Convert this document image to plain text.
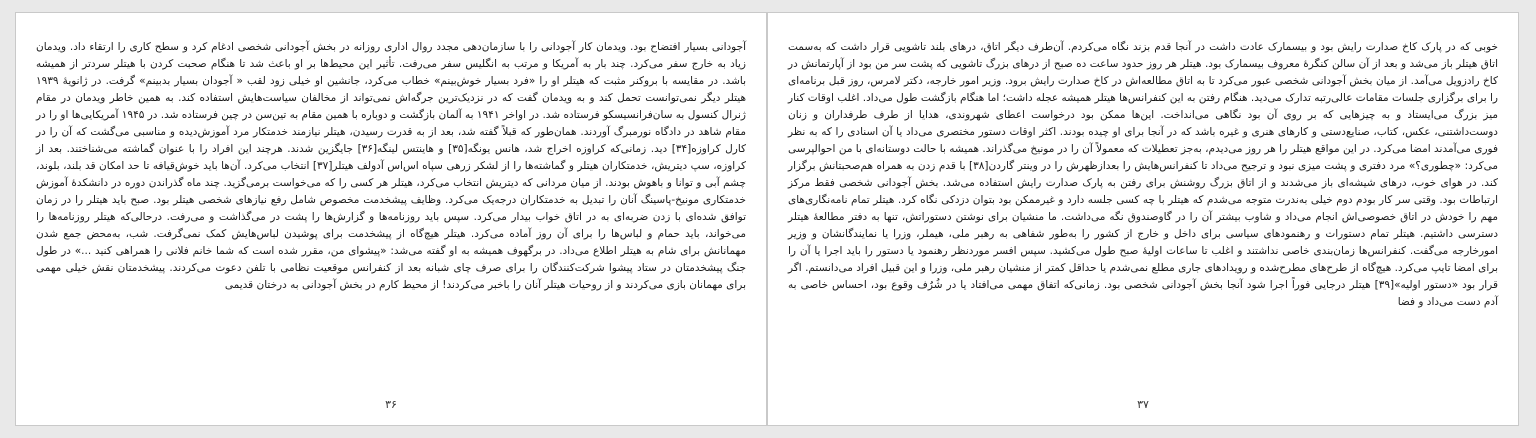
آجودانی بسیار افتضاح بود. ویدمان کار آجودانی را با سازمان‌دهی مجدد روال اداری روزانه در بخش آجودانی شخصی ادغام کرد و سطح کاری را ارتقاء داد. ویدمان زیاد به خارج سفر می‌کرد. چند بار به آمریکا و مرتب به انگلیس سفر می‌رفت. تأثیر این محیط‌ها بر او باعث شد تا هنگام صحبت کردن با هیتلر سردتر از همیشه باشد. در مقایسه با بروکنر مثبت که هیتلر او را «فرد بسیار خوش‌بینم» خطاب می‌کرد، جانشین او خیلی زود لقب « آجودان بسیار بدبینم» گرفت. در ژانویهٔ ۱۹۳۹ هیتلر دیگر نمی‌توانست تحمل کند و به ویدمان گفت که در نزدیک‌ترین جرگه‌اش نمی‌تواند از مخالفان سیاست‌هایش استفاده کند. به همین خاطر ویدمان در مقام ژنرال کنسول به سان‌فرانسیسکو فرستاده شد. در اواخر ۱۹۴۱ به آلمان بازگشت و دوباره با همین مقام به تین‌سن در چین فرستاده شد. در ۱۹۴۵ آمریکایی‌ها او را در مقام شاهد در دادگاه نورمبرگ آوردند. همان‌طور که قبلاً گفته شد، بعد از به قدرت رسیدن، هیتلر نیازمند خدمتکار مرد آموزش‌دیده و مناسبی می‌گشت که آن را در کارل کراوزه[۳۴] دید. زمانی‌که کراوزه اخراج شد، هانس یونگه[۳۵] و هاینتس لینگه[۳۶] جایگزین شدند. هرچند این افراد را با عنوان گماشته می‌شناختند. بعد از کراوزه، سپ دیتریش، خدمتکاران هیتلر و گماشته‌ها را از لشکر زرهی سپاه اس‌اس آدولف هیتلر[۳۷] انتخاب می‌کرد. آن‌ها باید خوش‌قیافه تا حد امکان قد بلند، بلوند، چشم آبی و توانا و باهوش بودند. از میان مردانی که دیتریش انتخاب می‌کرد، هیتلر هر کسی را که می‌خواست برمی‌گزید. چند ماه گذراندن دوره در دانشکدهٔ آموزش خدمتکاری مونیخ-پاسینگ آنان را تبدیل به خدمتکاران درجه‌یک می‌کرد. وظایف پیشخدمت مخصوص شامل رفع نیازهای شخصی هیتلر بود. صبح باید هیتلر را در زمان توافق شده‌ای با زدن ضربه‌ای به در اتاق خواب بیدار می‌کرد. سپس باید روزنامه‌ها و گزارش‌ها را پشت در می‌گذاشت و می‌رفت. درحالی‌که هیتلر روزنامه‌ها را می‌خواند، باید حمام و لباس‌ها را برای آن روز آماده می‌کرد. هیتلر هیچ‌گاه از پیشخدمت برای پوشیدن لباس‌هایش کمک نمی‌گرفت. شب، به‌محض جمع شدن مهمانانش برای شام به هیتلر اطلاع می‌داد. در برگهوف همیشه به او گفته می‌شد: «پیشوای من، مقرر شده است که شما خانم فلانی را همراهی کنید ...» در طول جنگ پیشخدمتان در ستاد پیشوا شرکت‌کنندگان را برای صرف چای شبانه بعد از کنفرانس موقعیت نظامی با تلفن دعوت می‌کردند. پیشخدمتان نقش خیلی مهمی برای مهمانان بازی می‌کردند و از روحیات هیتلر آنان را باخبر می‌کردند! از محیط کارم در بخش آجودانی به درختان قدیمی

۳۶

خوبی که در پارک کاخ صدارت رایش بود و بیسمارک عادت داشت در آنجا قدم بزند نگاه می‌کردم. آن‌طرف دیگر اتاق، درهای بلند تاشویی قرار داشت که به‌سمت اتاق هیتلر باز می‌شد و بعد از آن سالن کنگرهٔ معروف بیسمارک بود. هیتلر هر روز حدود ساعت ده صبح از درهای بزرگ تاشویی که پشت سر من بود از آپارتمانش در کاخ رادزویل می‌آمد. از میان بخش آجودانی شخصی عبور می‌کرد تا به اتاق مطالعه‌اش در کاخ صدارت رایش برود. وزیر امور خارجه، دکتر لامرس، روز قبل برنامه‌ای را برای برگزاری جلسات مقامات عالی‌رتبه تدارک می‌دید. هنگام رفتن به این کنفرانس‌ها هیتلر همیشه عجله داشت؛ اما هنگام بازگشت طول می‌داد. اغلب اوقات کنار میز بزرگ می‌ایستاد و به چیزهایی که بر روی آن بود نگاهی می‌انداخت. این‌ها ممکن بود درخواست اعطای شهروندی، هدایا از طرف طرفداران و زنان دوست‌داشتنی، عکس، کتاب، صنایع‌دستی و کارهای هنری و غیره باشد که در آنجا برای او چیده بودند. اکثر اوقات دستور مختصری می‌داد یا آن اسنادی را که به نظر فوری می‌آمدند امضا می‌کرد. در این مواقع هیتلر را هر روز می‌دیدم، به‌جز تعطیلات که معمولاً آن را در مونیخ می‌گذراند. همیشه با حالت دوستانه‌ای با من احوالپرسی می‌کرد: «چطوری؟» مرد دفتری و پشت میزی نبود و ترجیح می‌داد تا کنفرانس‌هایش را بعدازظهرش را در وینتر گاردن[۳۸] با قدم زدن به همراه هم‌صحبتانش برگزار کند. در هوای خوب، درهای شیشه‌ای باز می‌شدند و از اتاق بزرگ روشنش برای رفتن به پارک صدارت رایش استفاده می‌شد. بخش آجودانی شخصی فقط مرکز ارتباطات بود. وقتی سر کار بودم دوم خیلی به‌ندرت متوجه می‌شدم که هیتلر با چه کسی جلسه دارد و غیرممکن بود بتوان دزدکی نگاه کرد. هیتلر تمام نامه‌نگاری‌های مهم را خودش در اتاق خصوصی‌اش انجام می‌داد و شاوب بیشتر آن را در گاوصندوق نگه می‌داشت. ما منشیان برای نوشتن دستوراتش، تنها به دفتر مطالعهٔ هیتلر دسترسی داشتیم. هیتلر تمام دستورات و رهنمودهای سیاسی برای داخل و خارج از کشور را به‌طور شفاهی به رهبر ملی، هیملر، وزرا یا نمایندگانشان و وزیر امورخارجه می‌گفت. کنفرانس‌ها زمان‌بندی خاصی نداشتند و اغلب تا ساعات اولیهٔ صبح طول می‌کشید. سپس افسر موردنظر رهنمود یا دستور را باید اجرا یا آن را برای امضا تایپ می‌کرد. هیچ‌گاه از طرح‌های مطرح‌شده و رویدادهای جاری مطلع نمی‌شدم یا حداقل کمتر از منشیان رهبر ملی، وزرا و این قبیل افراد می‌دانستم. اگر قرار بود «دستور اولیه»[۳۹] هیتلر درجایی فوراً اجرا شود آنجا بخش آجودانی شخصی بود. زمانی‌که اتفاق مهمی می‌افتاد یا در شُرُف وقوع بود، احساس خاصی به آدم دست می‌داد و فضا

۳۷
